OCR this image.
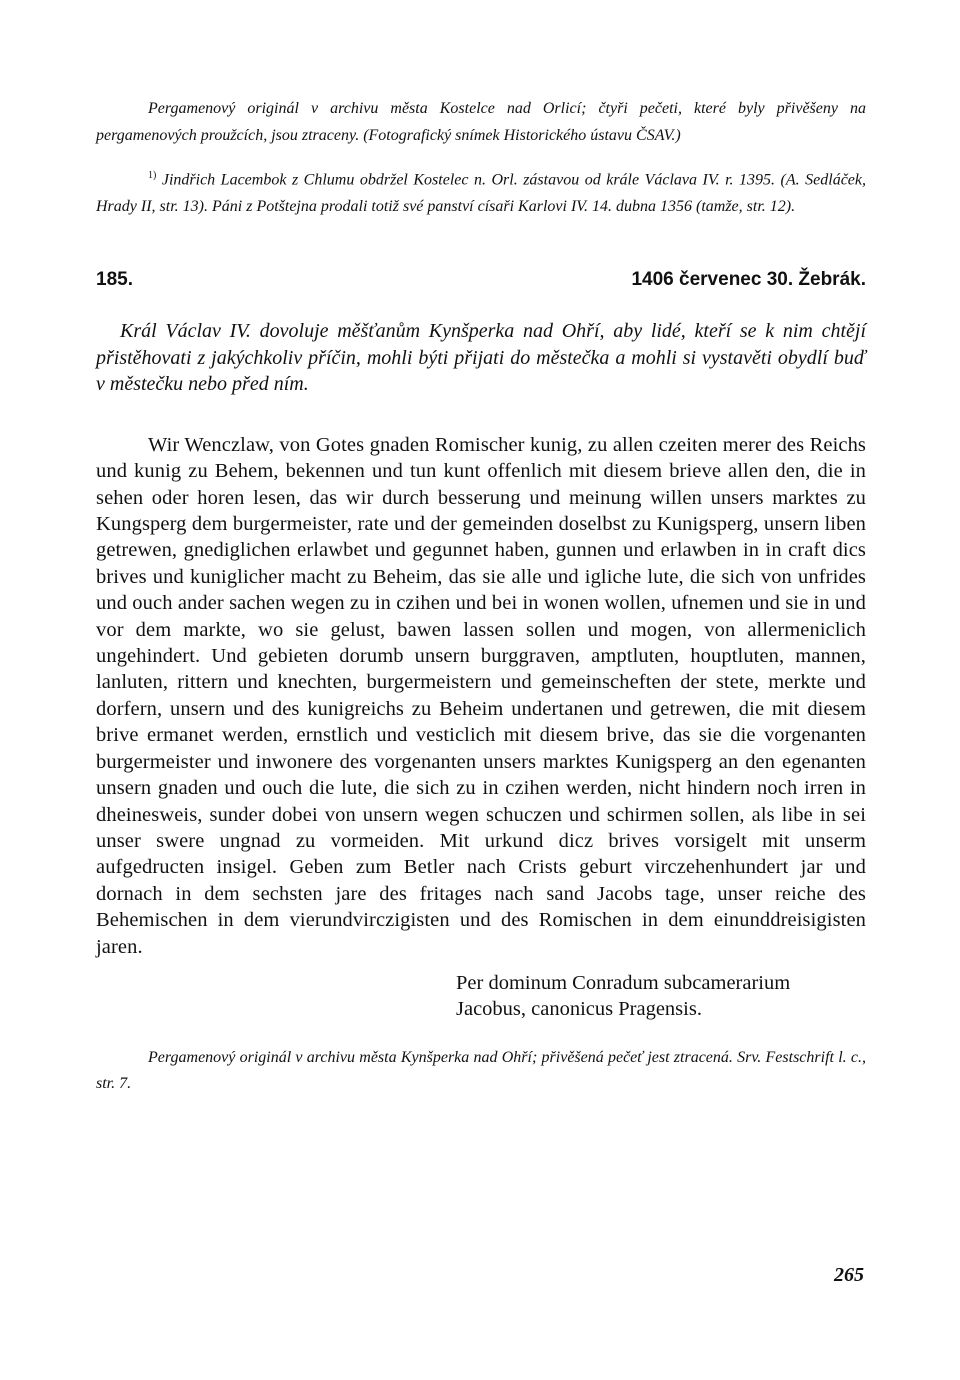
Pergamenový originál v archivu města Kostelce nad Orlicí; čtyři pečeti, které byly přivěšeny na pergamenových proužcích, jsou ztraceny. (Fotografický snímek Historického ústavu ČSAV.)

$^{1)}$ Jindřich Lacembok z Chlumu obdržel Kostelec n. Orl. zástavou od krále Václava IV. r. 1395. (A. Sedláček, Hrady II, str. 13). Páni z Potštejna prodali totiž své panství císaři Karlovi IV. 14. dubna 1356 (tamže, str. 12).

185.	1406 červenec 30. Žebrák.

Král Václav IV. dovoluje měšťanům Kynšperka nad Ohří, aby lidé, kteří se k nim chtějí přistěhovati z jakýchkoliv příčin, mohli býti přijati do městečka a mohli si vystavěti obydlí buď v městečku nebo před ním.

Wir Wenczlaw, von Gotes gnaden Romischer kunig, zu allen czeiten merer des Reichs und kunig zu Behem, bekennen und tun kunt offenlich mit diesem brieve allen den, die in sehen oder horen lesen, das wir durch besserung und meinung willen unsers marktes zu Kungsperg dem burgermeister, rate und der gemeinden doselbst zu Kunigsperg, unsern liben getrewen, gnediglichen erlawbet und gegunnet haben, gunnen und erlawben in in craft dics brives und kuniglicher macht zu Beheim, das sie alle und igliche lute, die sich von unfrides und ouch ander sachen wegen zu in czihen und bei in wonen wollen, ufnemen und sie in und vor dem markte, wo sie gelust, bawen lassen sollen und mogen, von allermeniclich ungehindert. Und gebieten dorumb unsern burggraven, amptluten, houptluten, mannen, lanluten, rittern und knechten, burgermeistern und gemeinscheften der stete, merkte und dorfern, unsern und des kunigreichs zu Beheim undertanen und getrewen, die mit diesem brive ermanet werden, ernstlich und vesticlich mit diesem brive, das sie die vorgenanten burgermeister und inwonere des vorgenanten unsers marktes Kunigsperg an den egenanten unsern gnaden und ouch die lute, die sich zu in czihen werden, nicht hindern noch irren in dheinesweis, sunder dobei von unsern wegen schuczen und schirmen sollen, als libe in sei unser swere ungnad zu vormeiden. Mit urkund dicz brives vorsigelt mit unserm aufgedructen insigel. Geben zum Betler nach Crists geburt virczehenhundert jar und dornach in dem sechsten jare des fritages nach sand Jacobs tage, unser reiche des Behemischen in dem vierundvirczigisten und des Romischen in dem einunddreisigisten jaren.

Per dominum Conradum subcamerarium
Jacobus, canonicus Pragensis.

Pergamenový originál v archivu města Kynšperka nad Ohří; přivěšená pečeť jest ztracená. Srv. Festschrift l. c., str. 7.

265
